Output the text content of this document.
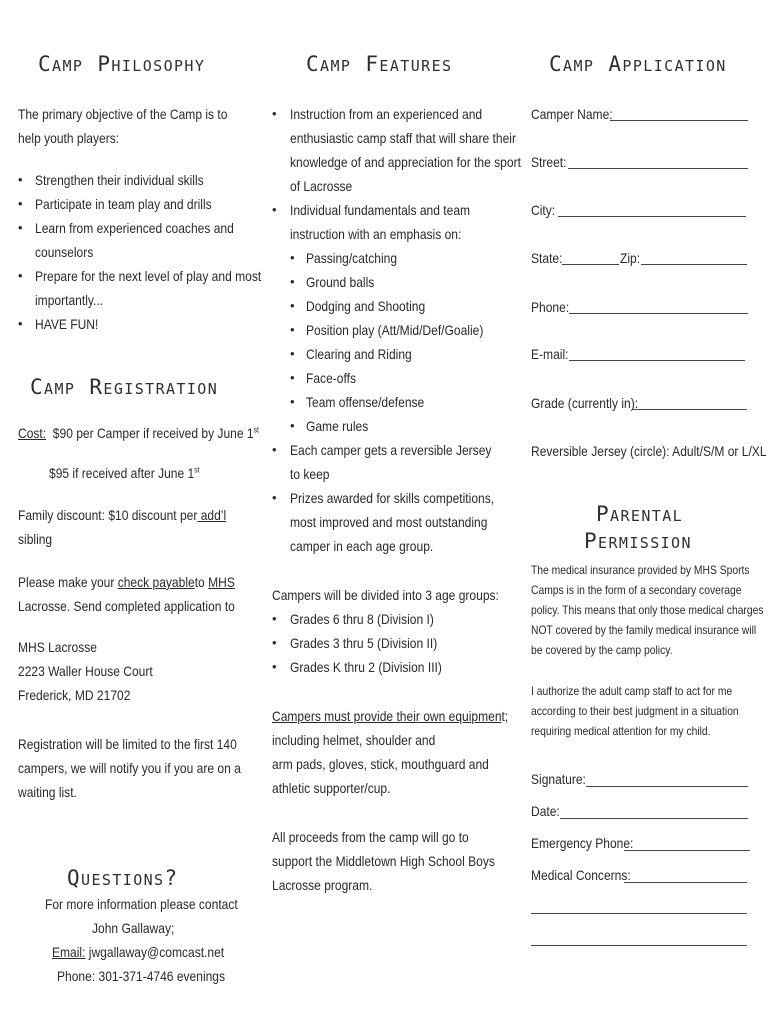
Camp Philosophy
The primary objective of the Camp is to
help youth players:
• Strengthen their individual skills
• Participate in team play and drills
• Learn from experienced coaches and
counselors
• Prepare for the next level of play and most
importantly...
• HAVE FUN!
Camp Registration
Cost: $90 per Camper if received by June 1st
$95 if received after June 1st
Family discount: $10 discount per add’l
sibling
Please make your check payableto MHS
Lacrosse. Send completed application to
MHS Lacrosse
2223 Waller House Court
Frederick, MD 21702
Registration will be limited to the first 140
campers, we will notify you if you are on a
waiting list.
Questions?
For more information please contact
John Gallaway;
Email: jwgallaway@comcast.net
Phone: 301-371-4746 evenings
Camp Features
• Instruction from an experienced and
enthusiastic camp staff that will share their
knowledge of and appreciation for the sport
of Lacrosse
• Individual fundamentals and team
instruction with an emphasis on:
• Passing/catching
• Ground balls
• Dodging and Shooting
• Position play (Att/Mid/Def/Goalie)
• Clearing and Riding
• Face-offs
• Team offense/defense
• Game rules
• Each camper gets a reversible Jersey
to keep
• Prizes awarded for skills competitions,
most improved and most outstanding
camper in each age group.
Campers will be divided into 3 age groups:
• Grades 6 thru 8 (Division I)
• Grades 3 thru 5 (Division II)
• Grades K thru 2 (Division III)
Campers must provide their own equipment;
including helmet, shoulder and
arm pads, gloves, stick, mouthguard and
athletic supporter/cup.
All proceeds from the camp will go to
support the Middletown High School Boys
Lacrosse program.
Camp Application
Camper Name:
Street:
City:
State:	Zip:
Phone:
E-mail:
Grade (currently in):
Reversible Jersey (circle): Adult/S/M or L/XL
Parental
Permission
The medical insurance provided by MHS Sports
Camps is in the form of a secondary coverage
policy. This means that only those medical charges
NOT covered by the family medical insurance will
be covered by the camp policy.
I authorize the adult camp staff to act for me
according to their best judgment in a situation
requiring medical attention for my child.
Signature:
Date:
Emergency Phone:
Medical Concerns:
